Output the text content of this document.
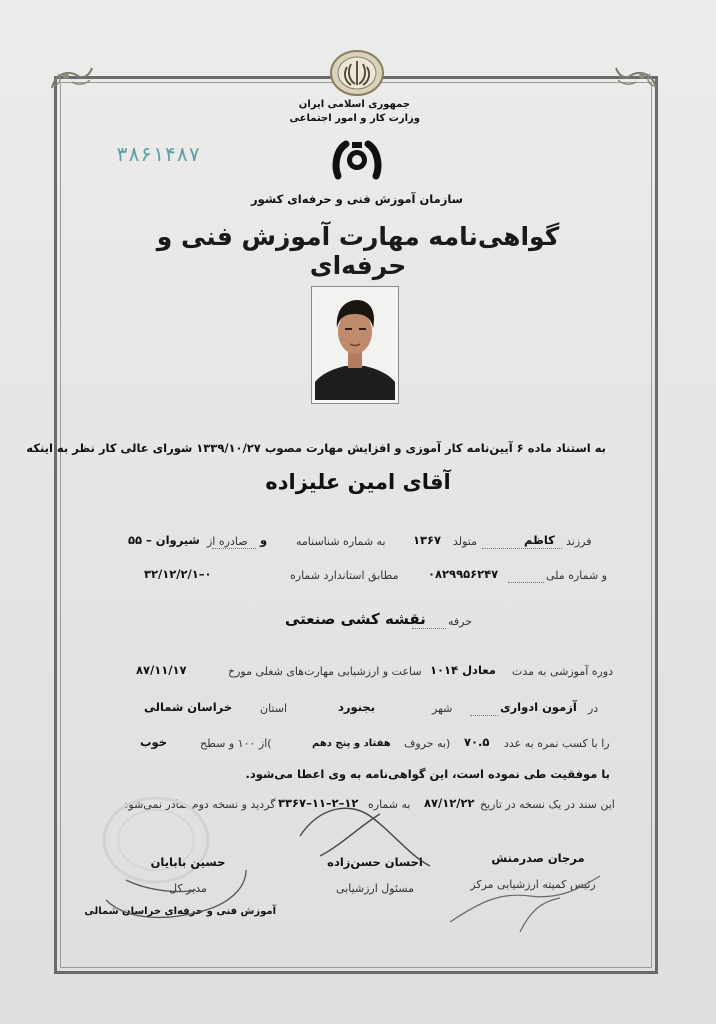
جمهوری اسلامی ایران
وزارت کار و امور اجتماعی
۳۸۶۱۴۸۷
سازمان آموزش فنی و حرفه‌ای کشور
گواهی‌نامه مهارت آموزش فنی و حرفه‌ای
به استناد ماده ۶ آیین‌نامه کار آموزی و افزایش مهارت مصوب ۱۳۳۹/۱۰/۲۷ شورای عالی کار نظر به اینکه
آقای امین علیزاده
فرزند
کاظم
متولد
۱۳۶۷
به شماره شناسنامه
و
صادره از
شیروان – ۵۵
و شماره ملی
۰۸۲۹۹۵۶۲۴۷
مطابق استاندارد شماره
۰–۳۲/۱۲/۲/۱
حرفه
نقشه کشی صنعتی
دوره آموزشی به مدت
معادل ۱۰۱۴
ساعت و ارزشیابی مهارت‌های شغلی مورخ
۸۷/۱۱/۱۷
در
آزمون ادواری
شهر
بجنورد
استان
خراسان شمالی
را با کسب نمره به عدد
۷۰.۵
(به حروف
هفتاد و پنج دهم
)از ۱۰۰ و سطح
خوب
با موفقیت طی نموده است، این گواهی‌نامه به وی اعطا می‌شود.
این سند در یک نسخه در تاریخ
۸۷/۱۲/۲۲
به شماره
۱۲–۲–۱۱–۳۳۶۷
گردید و نسخه دوم صادر نمی‌شود.
مرجان صدرمنش
رئیس کمیته ارزشیابی مرکز
احسان حسن‌زاده
مسئول ارزشیابی
حسین بابایان
مدیر کل
آموزش فنی و حرفه‌ای خراسان شمالی
